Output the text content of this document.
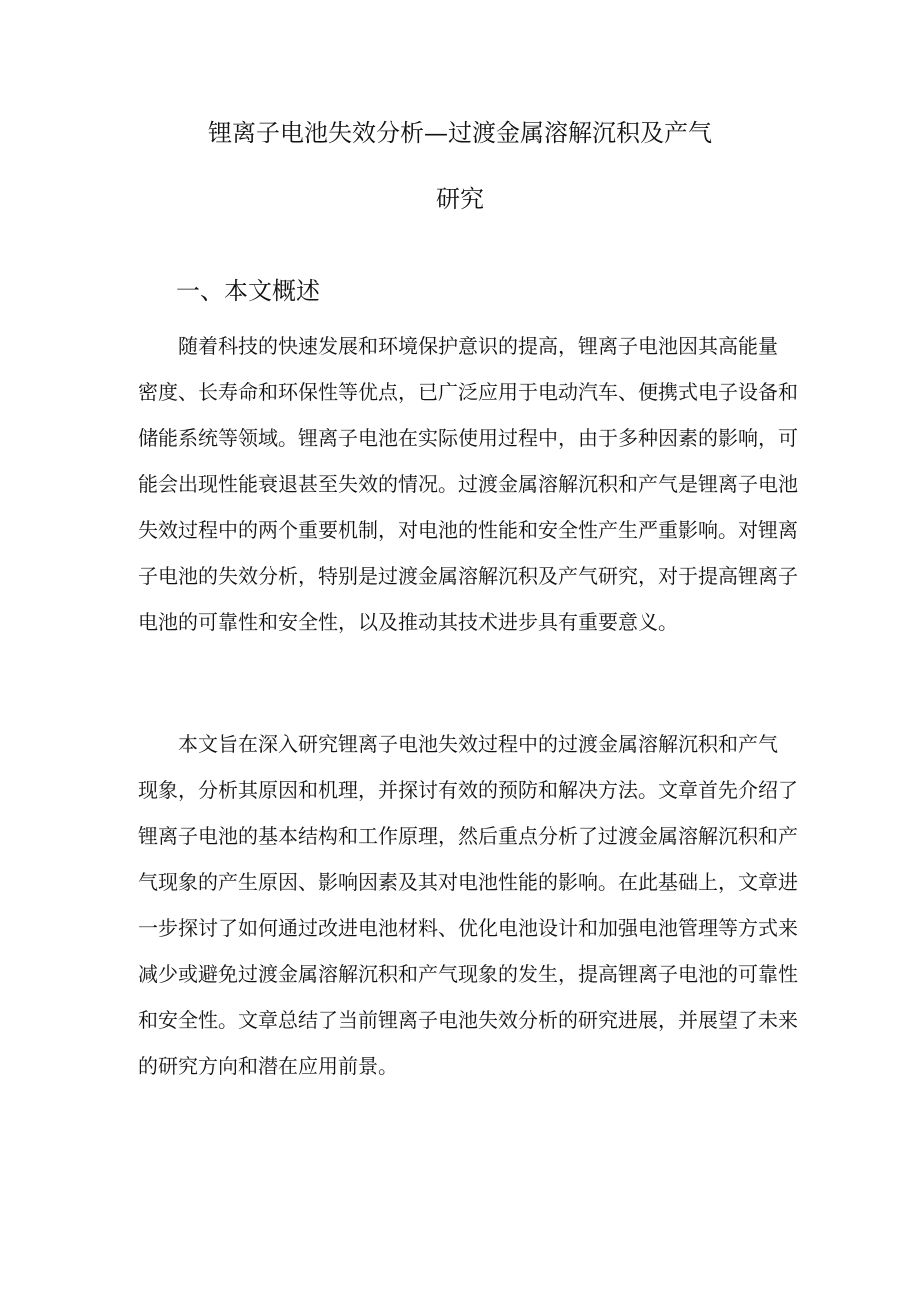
锂离子电池失效分析—过渡金属溶解沉积及产气
研究
一、本文概述
随着科技的快速发展和环境保护意识的提高，锂离子电池因其高能量
密度、长寿命和环保性等优点，已广泛应用于电动汽车、便携式电子设备和
储能系统等领域。锂离子电池在实际使用过程中，由于多种因素的影响，可
能会出现性能衰退甚至失效的情况。过渡金属溶解沉积和产气是锂离子电池
失效过程中的两个重要机制，对电池的性能和安全性产生严重影响。对锂离
子电池的失效分析，特别是过渡金属溶解沉积及产气研究，对于提高锂离子
电池的可靠性和安全性，以及推动其技术进步具有重要意义。
本文旨在深入研究锂离子电池失效过程中的过渡金属溶解沉积和产气
现象，分析其原因和机理，并探讨有效的预防和解决方法。文章首先介绍了
锂离子电池的基本结构和工作原理，然后重点分析了过渡金属溶解沉积和产
气现象的产生原因、影响因素及其对电池性能的影响。在此基础上，文章进
一步探讨了如何通过改进电池材料、优化电池设计和加强电池管理等方式来
减少或避免过渡金属溶解沉积和产气现象的发生，提高锂离子电池的可靠性
和安全性。文章总结了当前锂离子电池失效分析的研究进展，并展望了未来
的研究方向和潜在应用前景。
